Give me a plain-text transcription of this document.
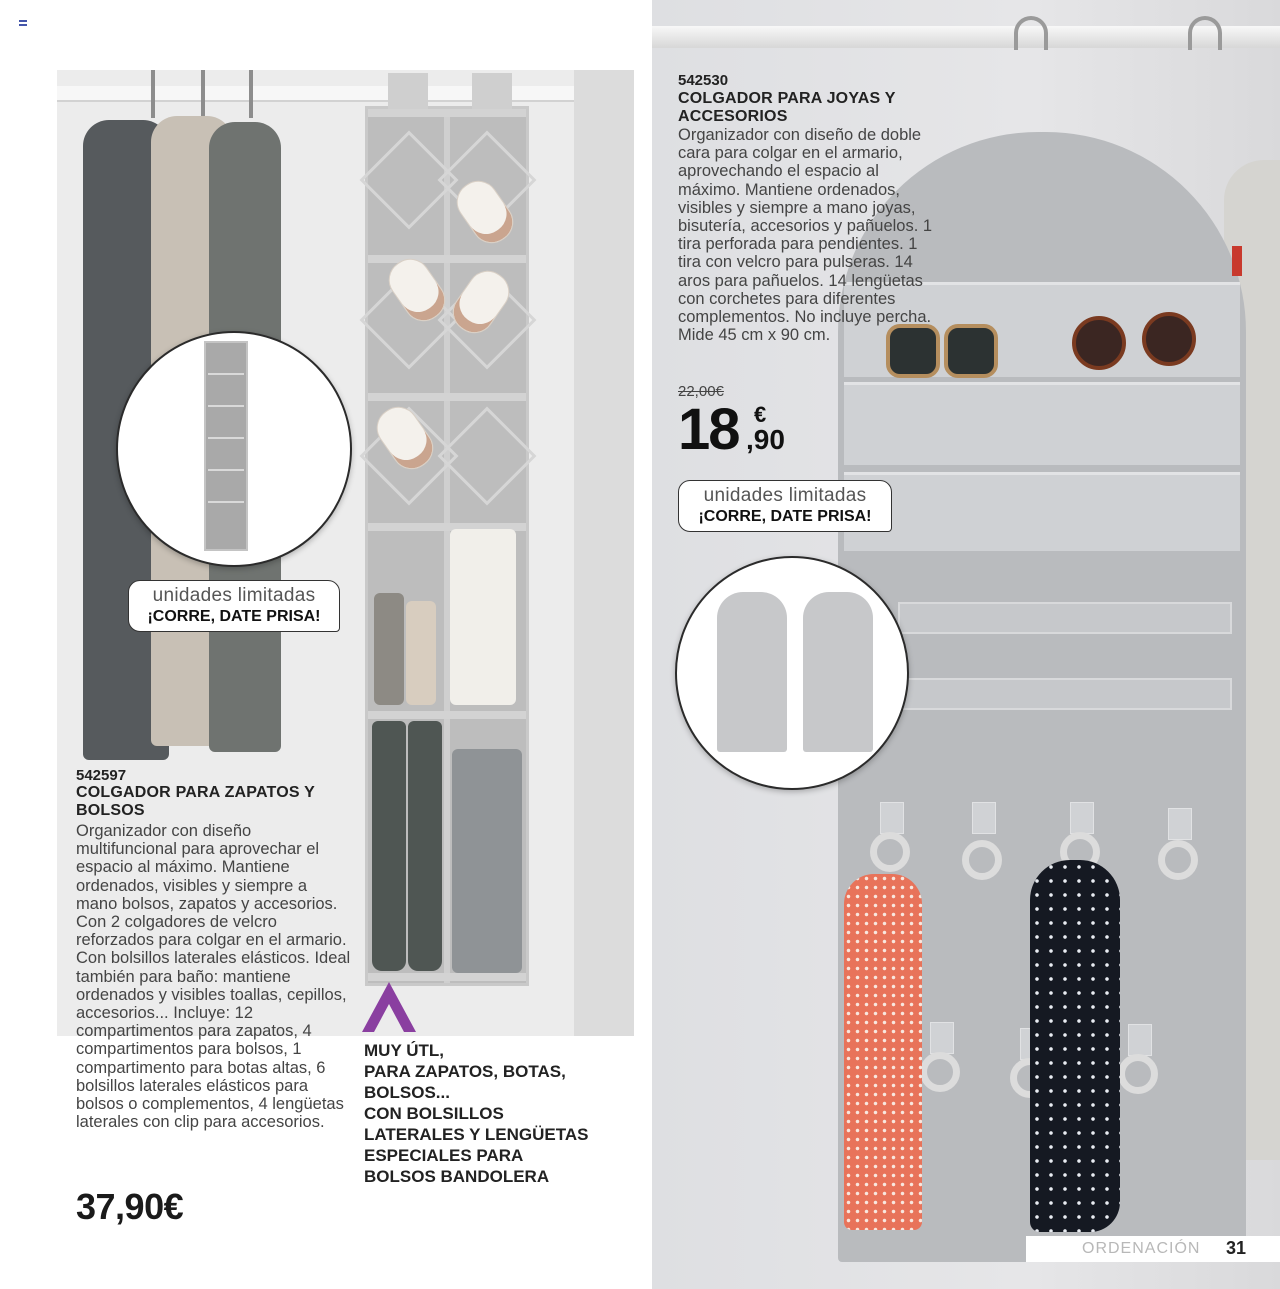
unidades limitadas
¡CORRE, DATE PRISA!
542597
COLGADOR PARA ZAPATOS Y BOLSOS
Organizador con diseño multifuncional para aprovechar el espacio al máximo. Mantiene ordenados, visibles y siempre a mano bolsos, zapatos y accesorios. Con 2 colgadores de velcro reforzados para colgar en el armario. Con bolsillos laterales elásticos. Ideal también para baño: mantiene ordenados y visibles toallas, cepillos, accesorios... Incluye: 12 compartimentos para zapatos, 4 compartimentos para bolsos, 1 compartimento para botas altas, 6 bolsillos laterales elásticos para bolsos o complementos, 4 lengüetas laterales con clip para accesorios.
37,90€
MUY ÚTL,
PARA ZAPATOS, BOTAS,
BOLSOS...
CON BOLSILLOS
LATERALES Y LENGÜETAS
ESPECIALES PARA
BOLSOS BANDOLERA
542530
COLGADOR PARA JOYAS Y ACCESORIOS
Organizador con diseño de doble cara para colgar en el armario, aprovechando el espacio al máximo. Mantiene ordenados, visibles y siempre a mano joyas, bisutería, accesorios y pañuelos. 1 tira perforada para pendientes. 1 tira con velcro para pulseras. 14 aros para pañuelos. 14 lengüetas con corchetes para diferentes complementos. No incluye percha. Mide 45 cm x 90 cm.
22,00€
18 €
,90
unidades limitadas
¡CORRE, DATE PRISA!
ORDENACIÓN 31
